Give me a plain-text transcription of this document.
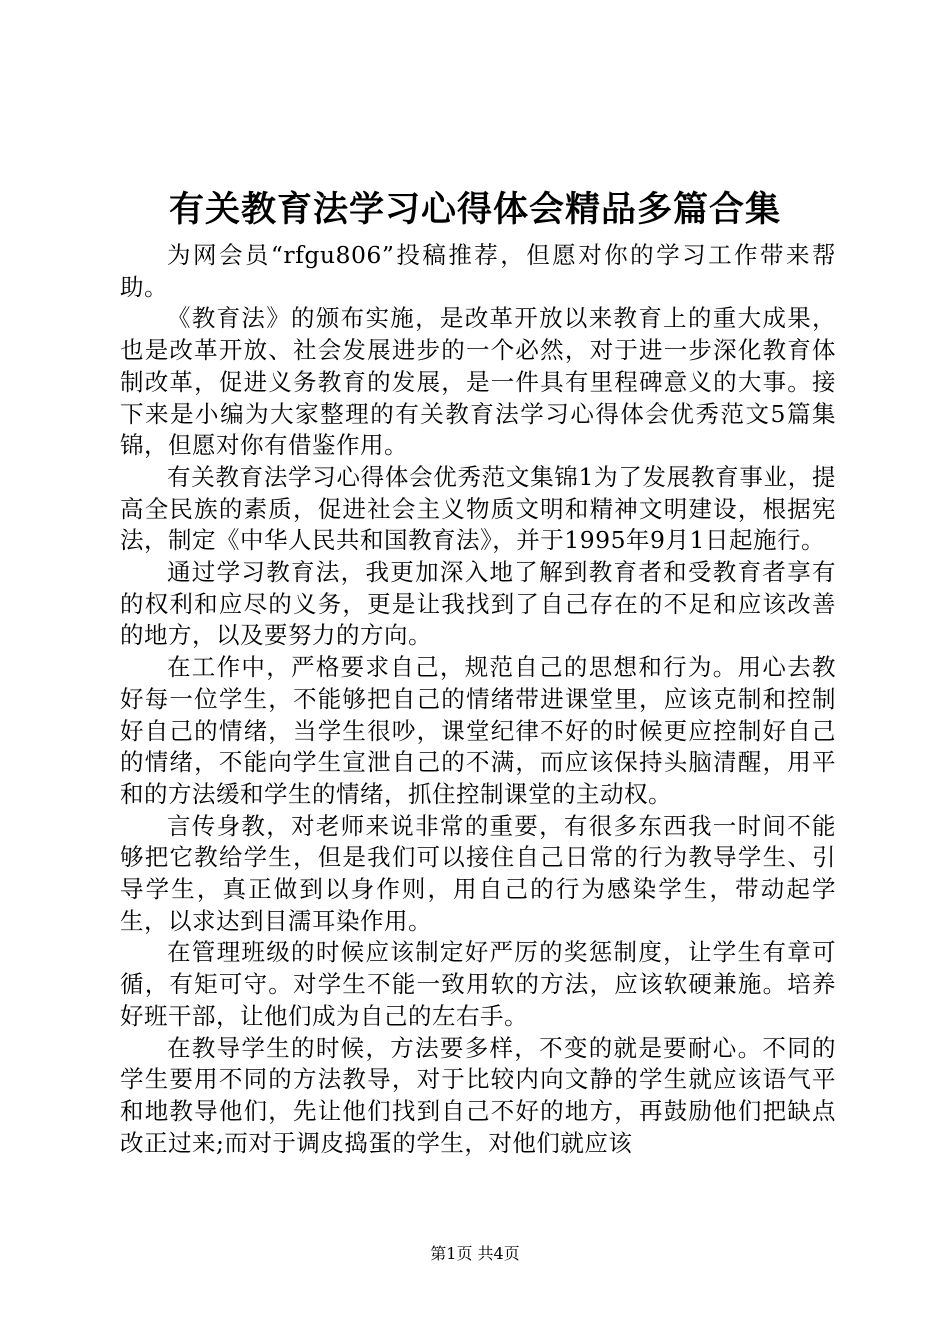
有关教育法学习心得体会精品多篇合集

为网会员“rfgu806”投稿推荐，但愿对你的学习工作带来帮助。

《教育法》的颁布实施，是改革开放以来教育上的重大成果，也是改革开放、社会发展进步的一个必然，对于进一步深化教育体制改革，促进义务教育的发展，是一件具有里程碑意义的大事。接下来是小编为大家整理的有关教育法学习心得体会优秀范文5篇集锦，但愿对你有借鉴作用。

有关教育法学习心得体会优秀范文集锦1为了发展教育事业，提高全民族的素质，促进社会主义物质文明和精神文明建设，根据宪法，制定《中华人民共和国教育法》，并于1995年9月1日起施行。

通过学习教育法，我更加深入地了解到教育者和受教育者享有的权利和应尽的义务，更是让我找到了自己存在的不足和应该改善的地方，以及要努力的方向。

在工作中，严格要求自己，规范自己的思想和行为。用心去教好每一位学生，不能够把自己的情绪带进课堂里，应该克制和控制好自己的情绪，当学生很吵，课堂纪律不好的时候更应控制好自己的情绪，不能向学生宣泄自己的不满，而应该保持头脑清醒，用平和的方法缓和学生的情绪，抓住控制课堂的主动权。

言传身教，对老师来说非常的重要，有很多东西我一时间不能够把它教给学生，但是我们可以接住自己日常的行为教导学生、引导学生，真正做到以身作则，用自己的行为感染学生，带动起学生，以求达到目濡耳染作用。

在管理班级的时候应该制定好严厉的奖惩制度，让学生有章可循，有矩可守。对学生不能一致用软的方法，应该软硬兼施。培养好班干部，让他们成为自己的左右手。

在教导学生的时候，方法要多样，不变的就是要耐心。不同的学生要用不同的方法教导，对于比较内向文静的学生就应该语气平和地教导他们，先让他们找到自己不好的地方，再鼓励他们把缺点改正过来;而对于调皮捣蛋的学生，对他们就应该

第1页 共4页
